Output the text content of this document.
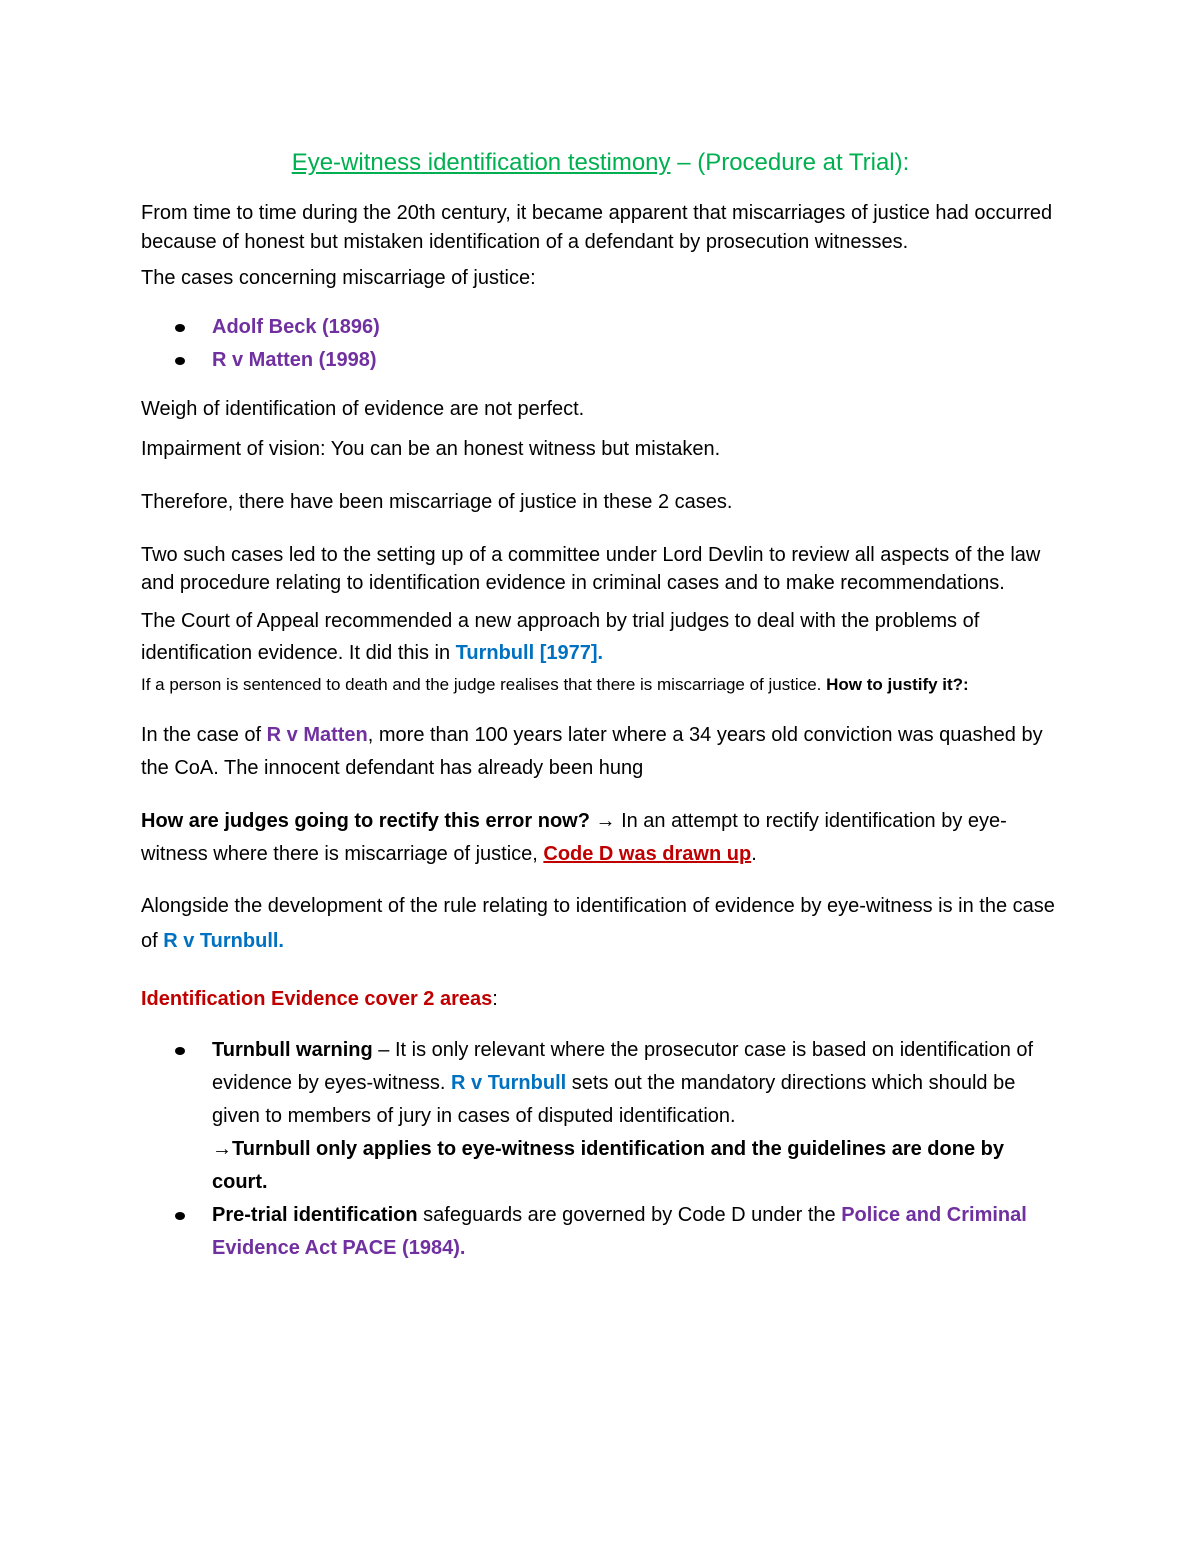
Eye-witness identification testimony – (Procedure at Trial):

From time to time during the 20th century, it became apparent that miscarriages of justice had occurred because of honest but mistaken identification of a defendant by prosecution witnesses.

The cases concerning miscarriage of justice:

Adolf Beck (1896)
R v Matten (1998)

Weigh of identification of evidence are not perfect.

Impairment of vision: You can be an honest witness but mistaken.

Therefore, there have been miscarriage of justice in these 2 cases.

Two such cases led to the setting up of a committee under Lord Devlin to review all aspects of the law and procedure relating to identification evidence in criminal cases and to make recommendations.

The Court of Appeal recommended a new approach by trial judges to deal with the problems of identification evidence. It did this in Turnbull [1977].

If a person is sentenced to death and the judge realises that there is miscarriage of justice. How to justify it?:

In the case of R v Matten, more than 100 years later where a 34 years old conviction was quashed by the CoA. The innocent defendant has already been hung

How are judges going to rectify this error now? → In an attempt to rectify identification by eye-witness where there is miscarriage of justice, Code D was drawn up.

Alongside the development of the rule relating to identification of evidence by eye-witness is in the case of R v Turnbull.

Identification Evidence cover 2 areas:

Turnbull warning – It is only relevant where the prosecutor case is based on identification of evidence by eyes-witness. R v Turnbull sets out the mandatory directions which should be given to members of jury in cases of disputed identification.
→Turnbull only applies to eye-witness identification and the guidelines are done by court.
Pre-trial identification safeguards are governed by Code D under the Police and Criminal Evidence Act PACE (1984).
